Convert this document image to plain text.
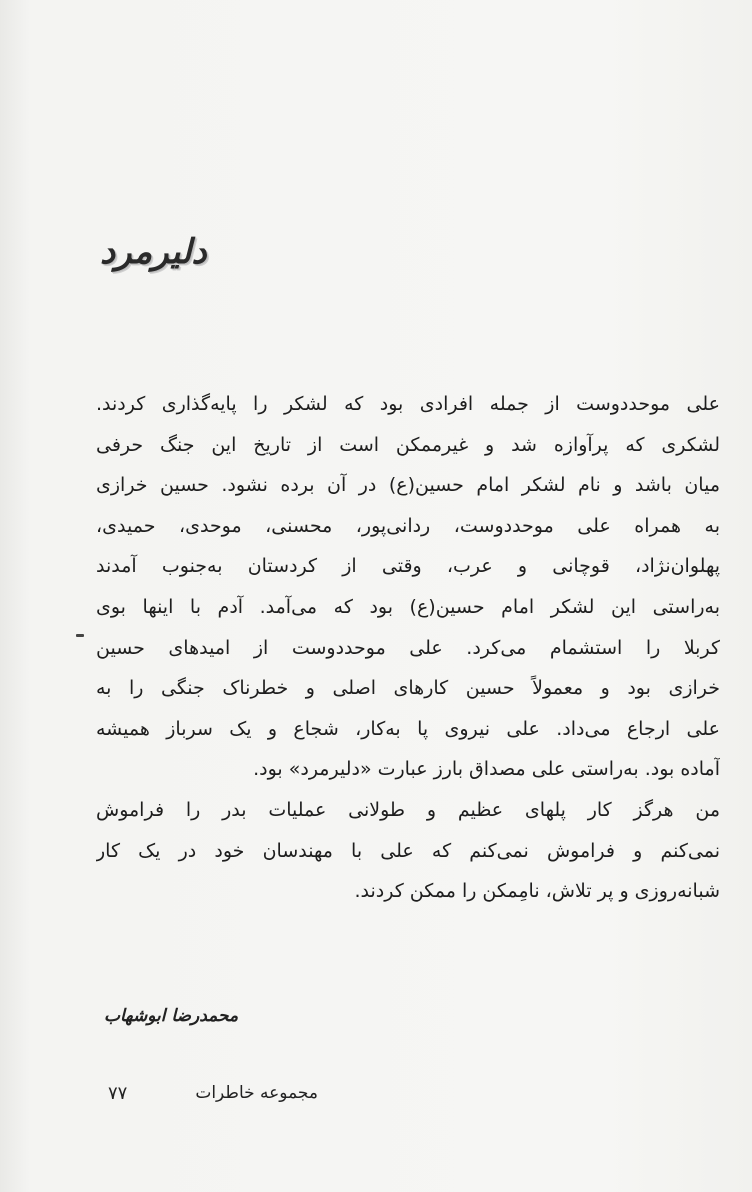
دلیرمرد
علی موحددوست از جمله افرادی بود که لشکر را پایه‌گذاری کردند.
لشکری که پرآوازه شد و غیرممکن است از تاریخ این جنگ حرفی
میان باشد و نام لشکر امام حسین(ع) در آن برده نشود. حسین خرازی
به همراه علی موحددوست، ردانی‌پور، محسنی، موحدی، حمیدی،
پهلوان‌نژاد، قوچانی و عرب، وقتی از کردستان به‌جنوب آمدند
به‌راستی این لشکر امام حسین(ع) بود که می‌آمد. آدم با اینها بوی
کربلا را استشمام می‌کرد. علی موحددوست از امیدهای حسین
خرازی بود و معمولاً حسین کارهای اصلی و خطرناک جنگی را به
علی ارجاع می‌داد. علی نیروی پا به‌کار، شجاع و یک سرباز همیشه
آماده بود. به‌راستی علی مصداق بارز عبارت «دلیرمرد» بود.
من هرگز کار پلهای عظیم و طولانی عملیات بدر را فراموش
نمی‌کنم و فراموش نمی‌کنم که علی با مهندسان خود در یک کار
شبانه‌روزی و پر تلاش، نامِمکن را ممکن کردند.
محمدرضا ابوشهاب
۷۷	مجموعه خاطرات
